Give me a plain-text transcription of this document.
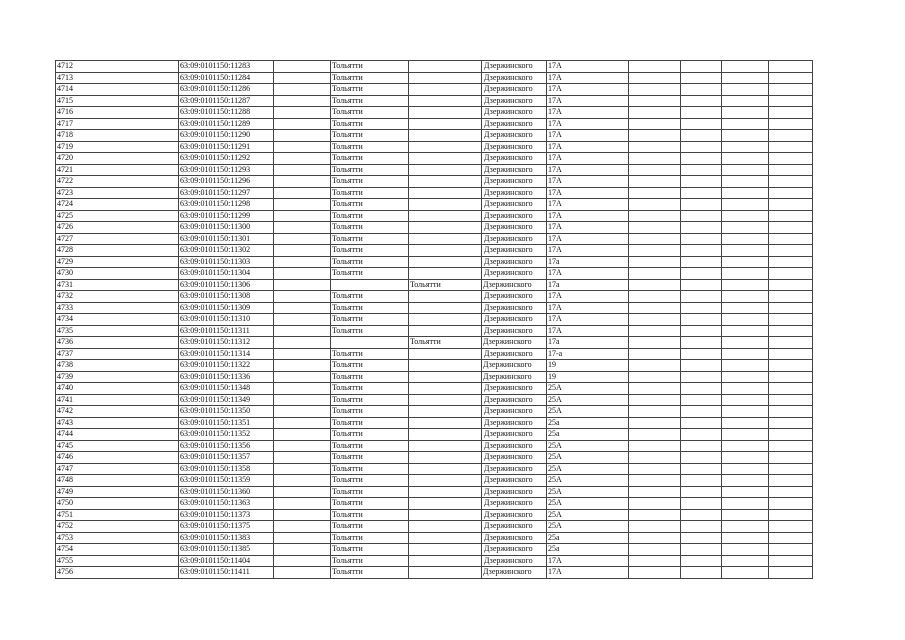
4712	63:09:0101150:11283		Тольятти		Дзержинского	17А				
4713	63:09:0101150:11284		Тольятти		Дзержинского	17А				
4714	63:09:0101150:11286		Тольятти		Дзержинского	17А				
4715	63:09:0101150:11287		Тольятти		Дзержинского	17А				
4716	63:09:0101150:11288		Тольятти		Дзержинского	17А				
4717	63:09:0101150:11289		Тольятти		Дзержинского	17А				
4718	63:09:0101150:11290		Тольятти		Дзержинского	17А				
4719	63:09:0101150:11291		Тольятти		Дзержинского	17А				
4720	63:09:0101150:11292		Тольятти		Дзержинского	17А				
4721	63:09:0101150:11293		Тольятти		Дзержинского	17А				
4722	63:09:0101150:11296		Тольятти		Дзержинского	17А				
4723	63:09:0101150:11297		Тольятти		Дзержинского	17А				
4724	63:09:0101150:11298		Тольятти		Дзержинского	17А				
4725	63:09:0101150:11299		Тольятти		Дзержинского	17А				
4726	63:09:0101150:11300		Тольятти		Дзержинского	17А				
4727	63:09:0101150:11301		Тольятти		Дзержинского	17А				
4728	63:09:0101150:11302		Тольятти		Дзержинского	17А				
4729	63:09:0101150:11303		Тольятти		Дзержинского	17а				
4730	63:09:0101150:11304		Тольятти		Дзержинского	17А				
4731	63:09:0101150:11306			Тольятти	Дзержинского	17а				
4732	63:09:0101150:11308		Тольятти		Дзержинского	17А				
4733	63:09:0101150:11309		Тольятти		Дзержинского	17А				
4734	63:09:0101150:11310		Тольятти		Дзержинского	17А				
4735	63:09:0101150:11311		Тольятти		Дзержинского	17А				
4736	63:09:0101150:11312			Тольятти	Дзержинского	17а				
4737	63:09:0101150:11314		Тольятти		Дзержинского	17-а				
4738	63:09:0101150:11322		Тольятти		Дзержинского	19				
4739	63:09:0101150:11336		Тольятти		Дзержинского	19				
4740	63:09:0101150:11348		Тольятти		Дзержинского	25А				
4741	63:09:0101150:11349		Тольятти		Дзержинского	25А				
4742	63:09:0101150:11350		Тольятти		Дзержинского	25А				
4743	63:09:0101150:11351		Тольятти		Дзержинского	25а				
4744	63:09:0101150:11352		Тольятти		Дзержинского	25а				
4745	63:09:0101150:11356		Тольятти		Дзержинского	25А				
4746	63:09:0101150:11357		Тольятти		Дзержинского	25А				
4747	63:09:0101150:11358		Тольятти		Дзержинского	25А				
4748	63:09:0101150:11359		Тольятти		Дзержинского	25А				
4749	63:09:0101150:11360		Тольятти		Дзержинского	25А				
4750	63:09:0101150:11363		Тольятти		Дзержинского	25А				
4751	63:09:0101150:11373		Тольятти		Дзержинского	25А				
4752	63:09:0101150:11375		Тольятти		Дзержинского	25А				
4753	63:09:0101150:11383		Тольятти		Дзержинского	25а				
4754	63:09:0101150:11385		Тольятти		Дзержинского	25а				
4755	63:09:0101150:11404		Тольятти		Дзержинского	17А				
4756	63:09:0101150:11411		Тольятти		Дзержинского	17А				
